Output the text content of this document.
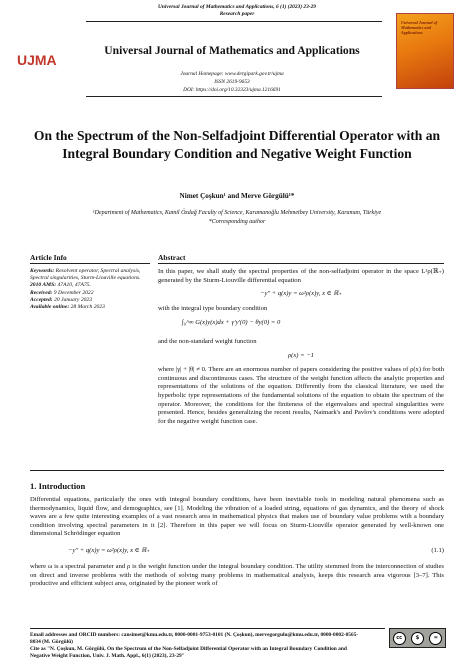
Universal Journal of Mathematics and Applications, 6 (1) (2023) 23-29
Research paper
UJMA
Universal Journal of Mathematics and Applications
Journal Homepage: www.dergipark.gov.tr/ujma
ISSN 2619-9653
DOI: https://doi.org/10.32323/ujma.1216691
Universal Journal of Mathematics and Applications
On the Spectrum of the Non-Selfadjoint Differential Operator with an Integral Boundary Condition and Negative Weight Function
Nimet Çoşkun¹ and Merve Görgülü¹*
¹Department of Mathematics, Kamil Özdağ Faculty of Science, Karamanoğlu Mehmetbey University, Karaman, Türkiye
*Corresponding author
Article Info	Abstract
Keywords: Resolvent operator, Spectral analysis, Spectral singularities, Sturm-Liouville equations.
2010 AMS: 47A10, 47A75.
Received: 9 December 2022
Accepted: 20 January 2023
Available online: 28 March 2023

In this paper, we shall study the spectral properties of the non-selfadjoint operator in the space L²ρ(ℝ₊) generated by the Sturm-Liouville differential equation

−y″ + q(x)y = ω²ρ(x)y, x ∈ ℝ₊

with the integral type boundary condition

∫₀^∞ G(x)y(x)dx + γ′y′(0) − θy(0) = 0

and the non-standard weight function

ρ(x) = −1

where |γ| + |θ| ≠ 0. There are an enormous number of papers considering the positive values of ρ(x) for both continuous and discontinuous cases. The structure of the weight function affects the analytic properties and representations of the solutions of the equation. Differently from the classical literature, we used the hyperbolic type representations of the fundamental solutions of the equation to obtain the spectrum of the operator. Moreover, the conditions for the finiteness of the eigenvalues and spectral singularities were presented. Hence, besides generalizing the recent results, Naimark's and Pavlov's conditions were adopted for the negative weight function case.

1. Introduction
Differential equations, particularly the ones with integral boundary conditions, have been inevitable tools in modeling natural phenomena such as thermodynamics, liquid flow, and demographics, see [1]. Modeling the vibration of a loaded string, equations of gas dynamics, and the theory of shock waves are a few quite interesting examples of a vast research area in mathematical physics that makes use of boundary value problems with a boundary condition involving spectral parameters in it [2]. Therefore in this paper we will focus on Sturm-Liouville operator generated by well-known one dimensional Schrödinger equation
−y″ + q(x)y = ω²ρ(x)y, x ∈ ℝ₊	(1.1)
where ω is a spectral parameter and ρ is the weight function under the integral boundary condition. The utility stemmed from the interconnection of studies on direct and inverse problems with the methods of solving many problems in mathematical analysis, keeps this research area vigorous [3–7]. This productive and efficient subject area, originated by the pioneer work of
Email addresses and ORCID numbers: cansimet@kmu.edu.tr, 0000-0001-9753-0101 (N. Çoşkun), mervegorgulu@kmu.edu.tr, 0000-0002-0565-8034 (M. Görgülü)
Cite as "N. Çoşkun, M. Görgülü, On the Spectrum of the Non-Selfadjoint Differential Operator with an Integral Boundary Condition and Negative Weight Function, Univ. J. Math. Appl., 6(1) (2023), 23-29"
cc	$	=
